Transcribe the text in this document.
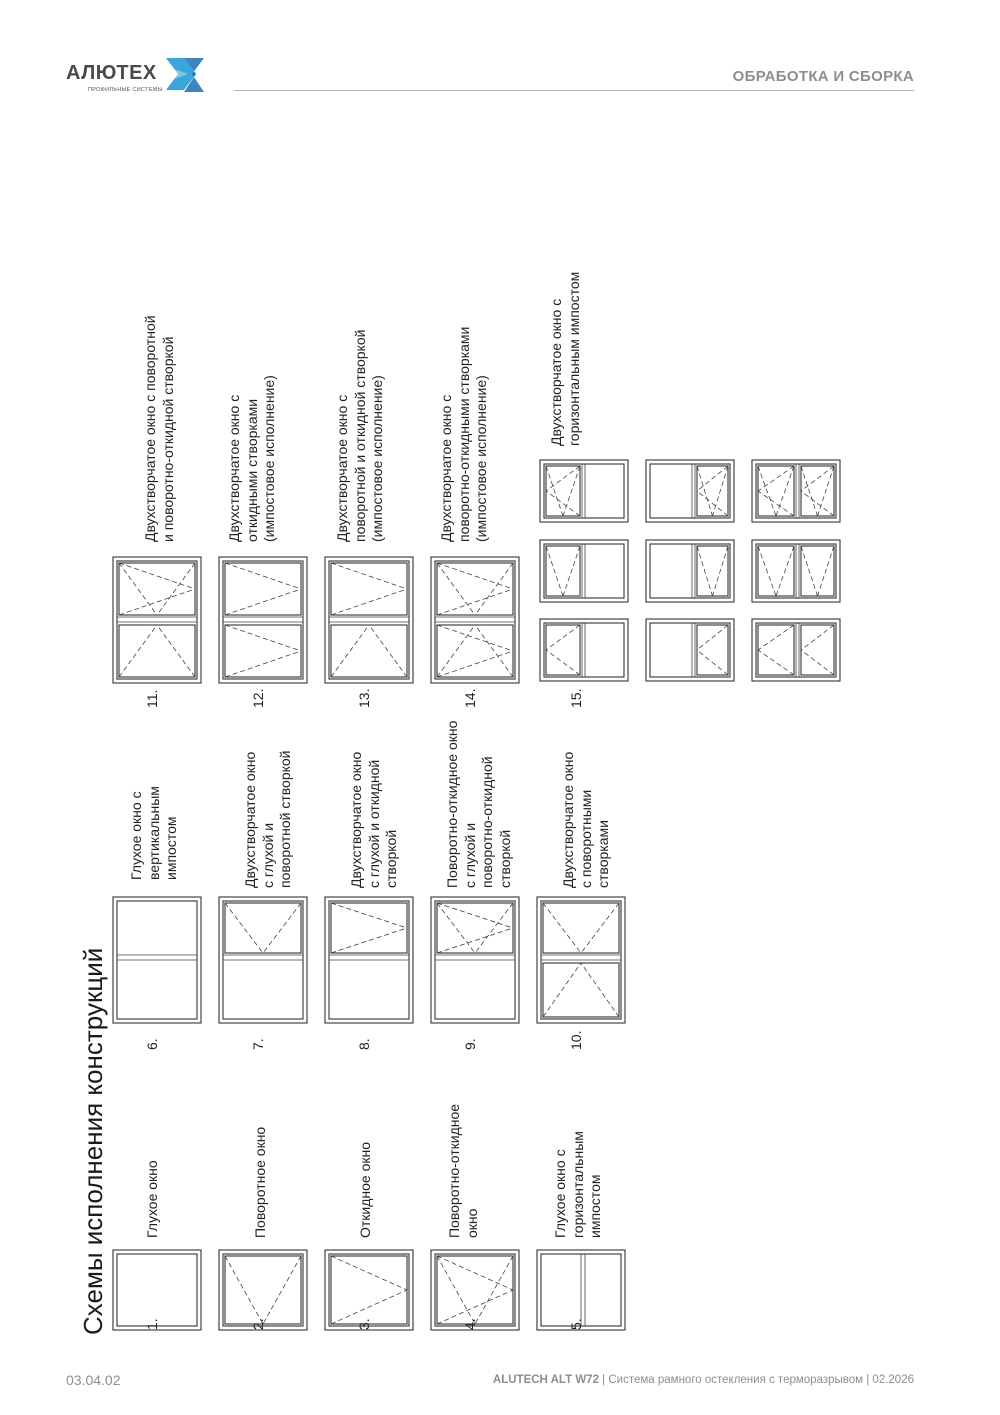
АЛЮТЕХ
ПРОФИЛЬНЫЕ СИСТЕМЫ
ОБРАБОТКА И СБОРКА
Схемы исполнения конструкций	1.
Глухое окно
2.
Поворотное окно
3.
Откидное окно
4.
Поворотно-откидное
окно
5.
Глухое окно с
горизонтальным
импостом
6.
Глухое окно с
вертикальным
импостом
7.
Двухстворчатое окно
с глухой и
поворотной створкой
8.
Двухстворчатое окно
с глухой и откидной
створкой
9.
Поворотно-откидное окно
с глухой и
поворотно-откидной
створкой
10.
Двухстворчатое окно
с поворотными
створками
11.
Двухстворчатое окно с поворотной
и поворотно-откидной створкой
12.
Двухстворчатое окно с
откидными створками
(импостовое исполнение)
13.
Двухстворчатое окно с
поворотной и откидной створкой
(импостовое исполнение)
14.
Двухстворчатое окно с
поворотно-откидными створками
(импостовое исполнение)
15.
Двухстворчатое окно с
горизонтальным импостом
03.04.02	ALUTECH ALT W72 | Система рамного остекления с терморазрывом | 02.2026
